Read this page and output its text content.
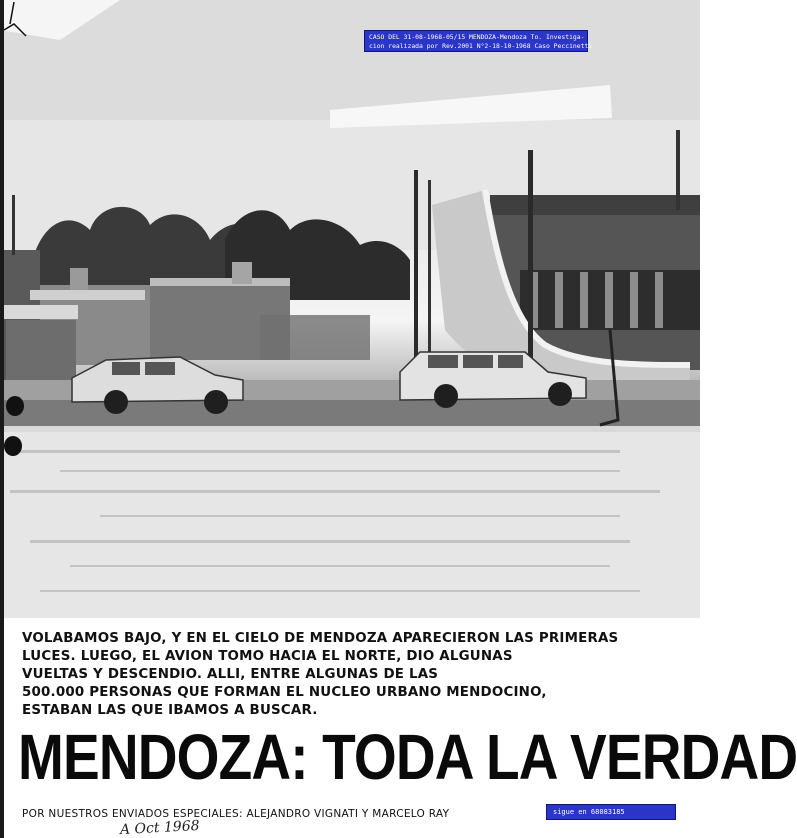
CASO DEL 31-08-1968-05/15 MENDOZA-Mendoza To. Investiga-
cion realizada por Rev.2001 N°2-18-10-1968 Caso Peccinetti
VOLABAMOS BAJO, Y EN EL CIELO DE MENDOZA APARECIERON LAS PRIMERAS
LUCES. LUEGO, EL AVION TOMO HACIA EL NORTE, DIO ALGUNAS
VUELTAS Y DESCENDIO. ALLI, ENTRE ALGUNAS DE LAS
500.000 PERSONAS QUE FORMAN EL NUCLEO URBANO MENDOCINO,
ESTABAN LAS QUE IBAMOS A BUSCAR.
MENDOZA: TODA LA VERDAD
POR NUESTROS ENVIADOS ESPECIALES: ALEJANDRO VIGNATI Y MARCELO RAY	sigue en 68083185
A Oct 1968
